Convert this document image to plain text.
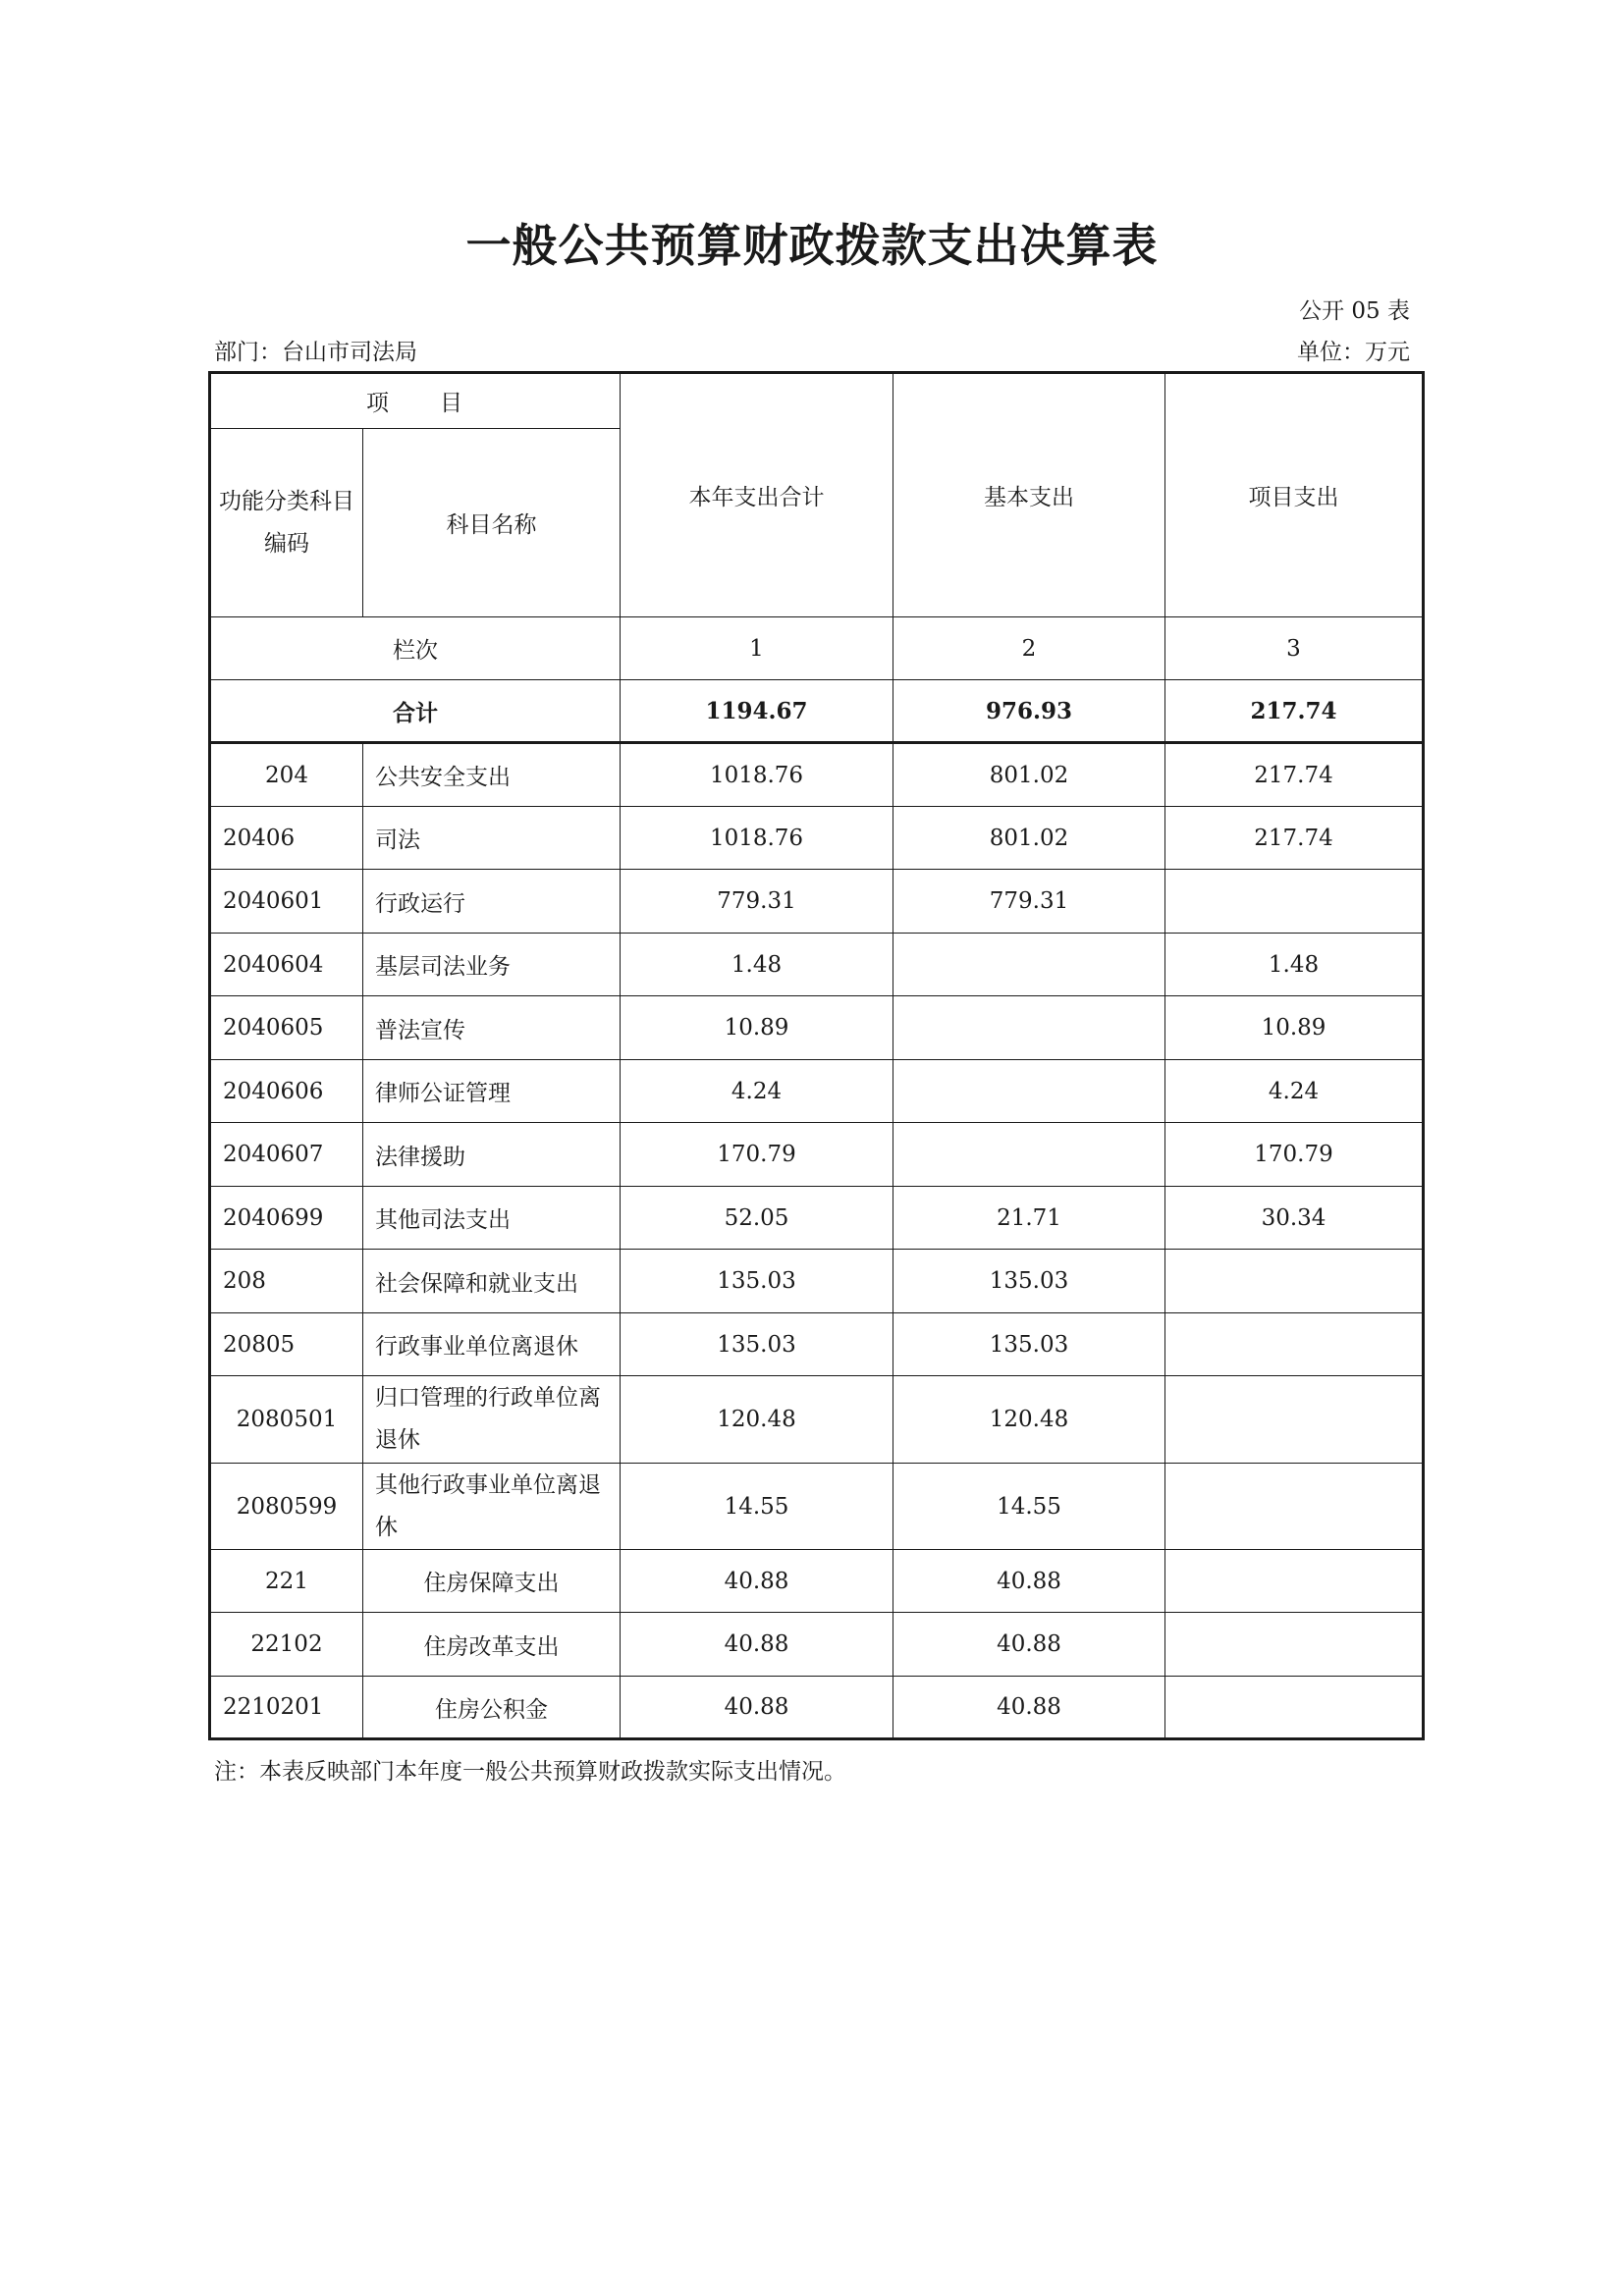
一般公共预算财政拨款支出决算表
公开 05 表
部门：台山市司法局	单位：万元
项　　目		本年支出合计	基本支出	项目支出

功能分类科目编码	科目名称			
栏次		1	2	3
合计		1194.67	976.93	217.74
204	公共安全支出	1018.76	801.02	217.74
20406	司法	1018.76	801.02	217.74
2040601	行政运行	779.31	779.31	
2040604	基层司法业务	1.48		1.48
2040605	普法宣传	10.89		10.89
2040606	律师公证管理	4.24		4.24
2040607	法律援助	170.79		170.79
2040699	其他司法支出	52.05	21.71	30.34
208	社会保障和就业支出	135.03	135.03	
20805	行政事业单位离退休	135.03	135.03	
2080501	归口管理的行政单位离退休	120.48	120.48	
2080599	其他行政事业单位离退休	14.55	14.55	
221	住房保障支出	40.88	40.88	
22102	住房改革支出	40.88	40.88	
2210201	住房公积金	40.88	40.88	
注：本表反映部门本年度一般公共预算财政拨款实际支出情况。
